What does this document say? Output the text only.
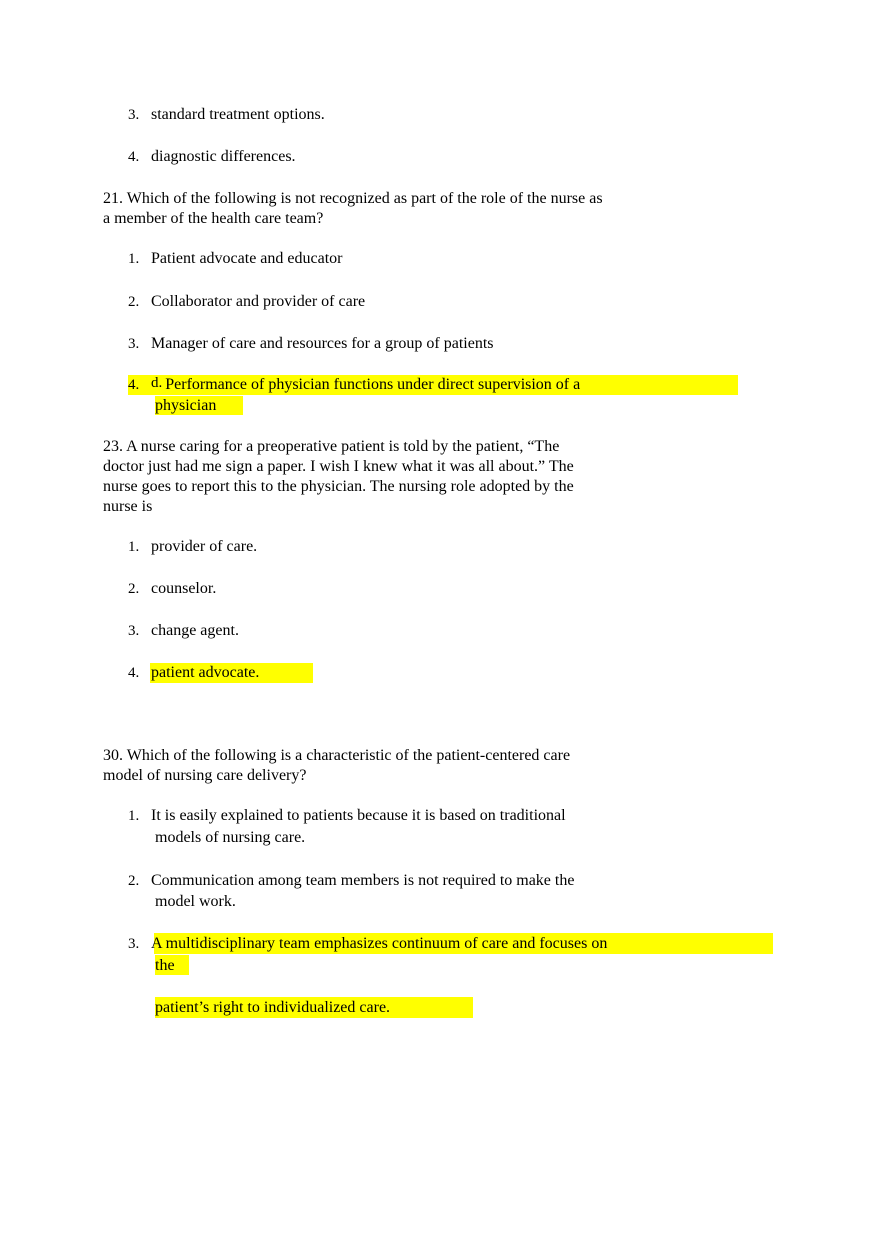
3. standard treatment options.

4. diagnostic differences.

21. Which of the following is not recognized as part of the role of the nurse as

a member of the health care team?

1. Patient advocate and educator

2. Collaborator and provider of care

3. Manager of care and resources for a group of patients

4. d. Performance of physician functions under direct supervision of a

physician

23. A nurse caring for a preoperative patient is told by the patient, “The

doctor just had me sign a paper. I wish I knew what it was all about.” The

nurse goes to report this to the physician. The nursing role adopted by the

nurse is

1. provider of care.

2. counselor.

3. change agent.

4. patient advocate.

30. Which of the following is a characteristic of the patient-centered care

model of nursing care delivery?

1. It is easily explained to patients because it is based on traditional

models of nursing care.

2. Communication among team members is not required to make the

model work.

3. A multidisciplinary team emphasizes continuum of care and focuses on

the

patient’s right to individualized care.
